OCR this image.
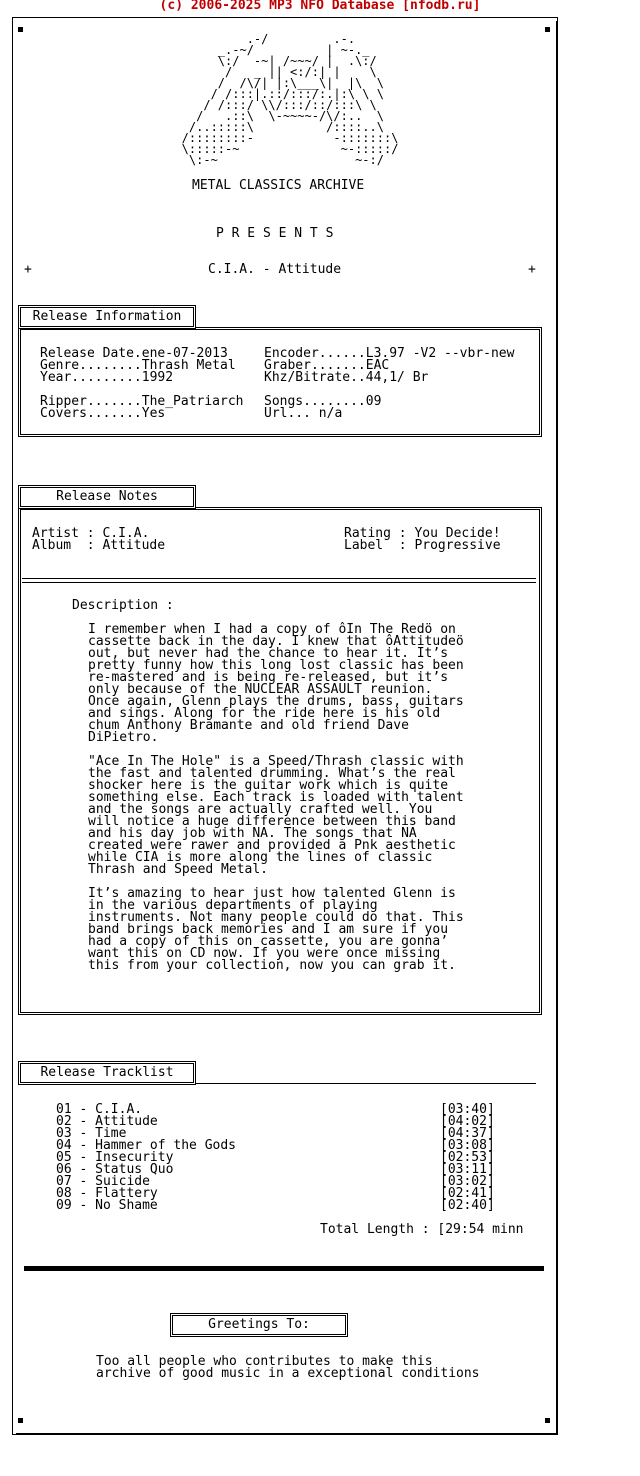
(c) 2006-2025 MP3 NFO Database [nfodb.ru]
.-/         .-.
_.-~/          | ~-._
\:/  -~| /~~~/ |  .\:/
/   _ || <:/:| |    \
/  /\/| |:\___\|  |\  \
/ /:::|.::/:::/:.|:\ \ \
/ /:::/ \\/:::/::/:::\ \
/   .::\  \-~~~~-/\/:..  \
/..:::::\          /::::..\
/::::::::-           -:::::::\
\:::::-~              ~-:::::/
\:-~                   ~-:/
METAL CLASSICS ARCHIVE
P R E S E N T S
+	C.I.A. - Attitude	+
Release Information
Release Date.ene-07-2013
Genre........Thrash Metal
Year.........1992
Ripper.......The_Patriarch
Covers.......Yes
Encoder......L3.97 -V2 --vbr-new
Graber.......EAC
Khz/Bitrate..44,1/ Br
Songs........09
Url... n/a
Release Notes
Artist : C.I.A.
Album  : Attitude
Rating : You Decide!
Label  : Progressive
Description :
I remember when I had a copy of ôIn The Redö on
cassette back in the day. I knew that ôAttitudeö
out, but never had the chance to hear it. It’s
pretty funny how this long lost classic has been
re-mastered and is being re-released, but it’s
only because of the NUCLEAR ASSAULT reunion.
Once again, Glenn plays the drums, bass, guitars
and sings. Along for the ride here is his old
chum Anthony Bramante and old friend Dave
DiPietro.
"Ace In The Hole" is a Speed/Thrash classic with
the fast and talented drumming. What’s the real
shocker here is the guitar work which is quite
something else. Each track is loaded with talent
and the songs are actually crafted well. You
will notice a huge difference between this band
and his day job with NA. The songs that NA
created were rawer and provided a Pnk aesthetic
while CIA is more along the lines of classic
Thrash and Speed Metal.
It’s amazing to hear just how talented Glenn is
in the various departments of playing
instruments. Not many people could do that. This
band brings back memories and I am sure if you
had a copy of this on cassette, you are gonna’
want this on CD now. If you were once missing
this from your collection, now you can grab it.
Release Tracklist
01 - C.I.A.	[03:40]
02 - Attitude	[04:02]
03 - Time	[04:37]
04 - Hammer of the Gods	[03:08]
05 - Insecurity	[02:53]
06 - Status Quo	[03:11]
07 - Suicide	[03:02]
08 - Flattery	[02:41]
09 - No Shame	[02:40]
Total Length : [29:54 minn
Greetings To:
Too all people who contributes to make this
archive of good music in a exceptional conditions
